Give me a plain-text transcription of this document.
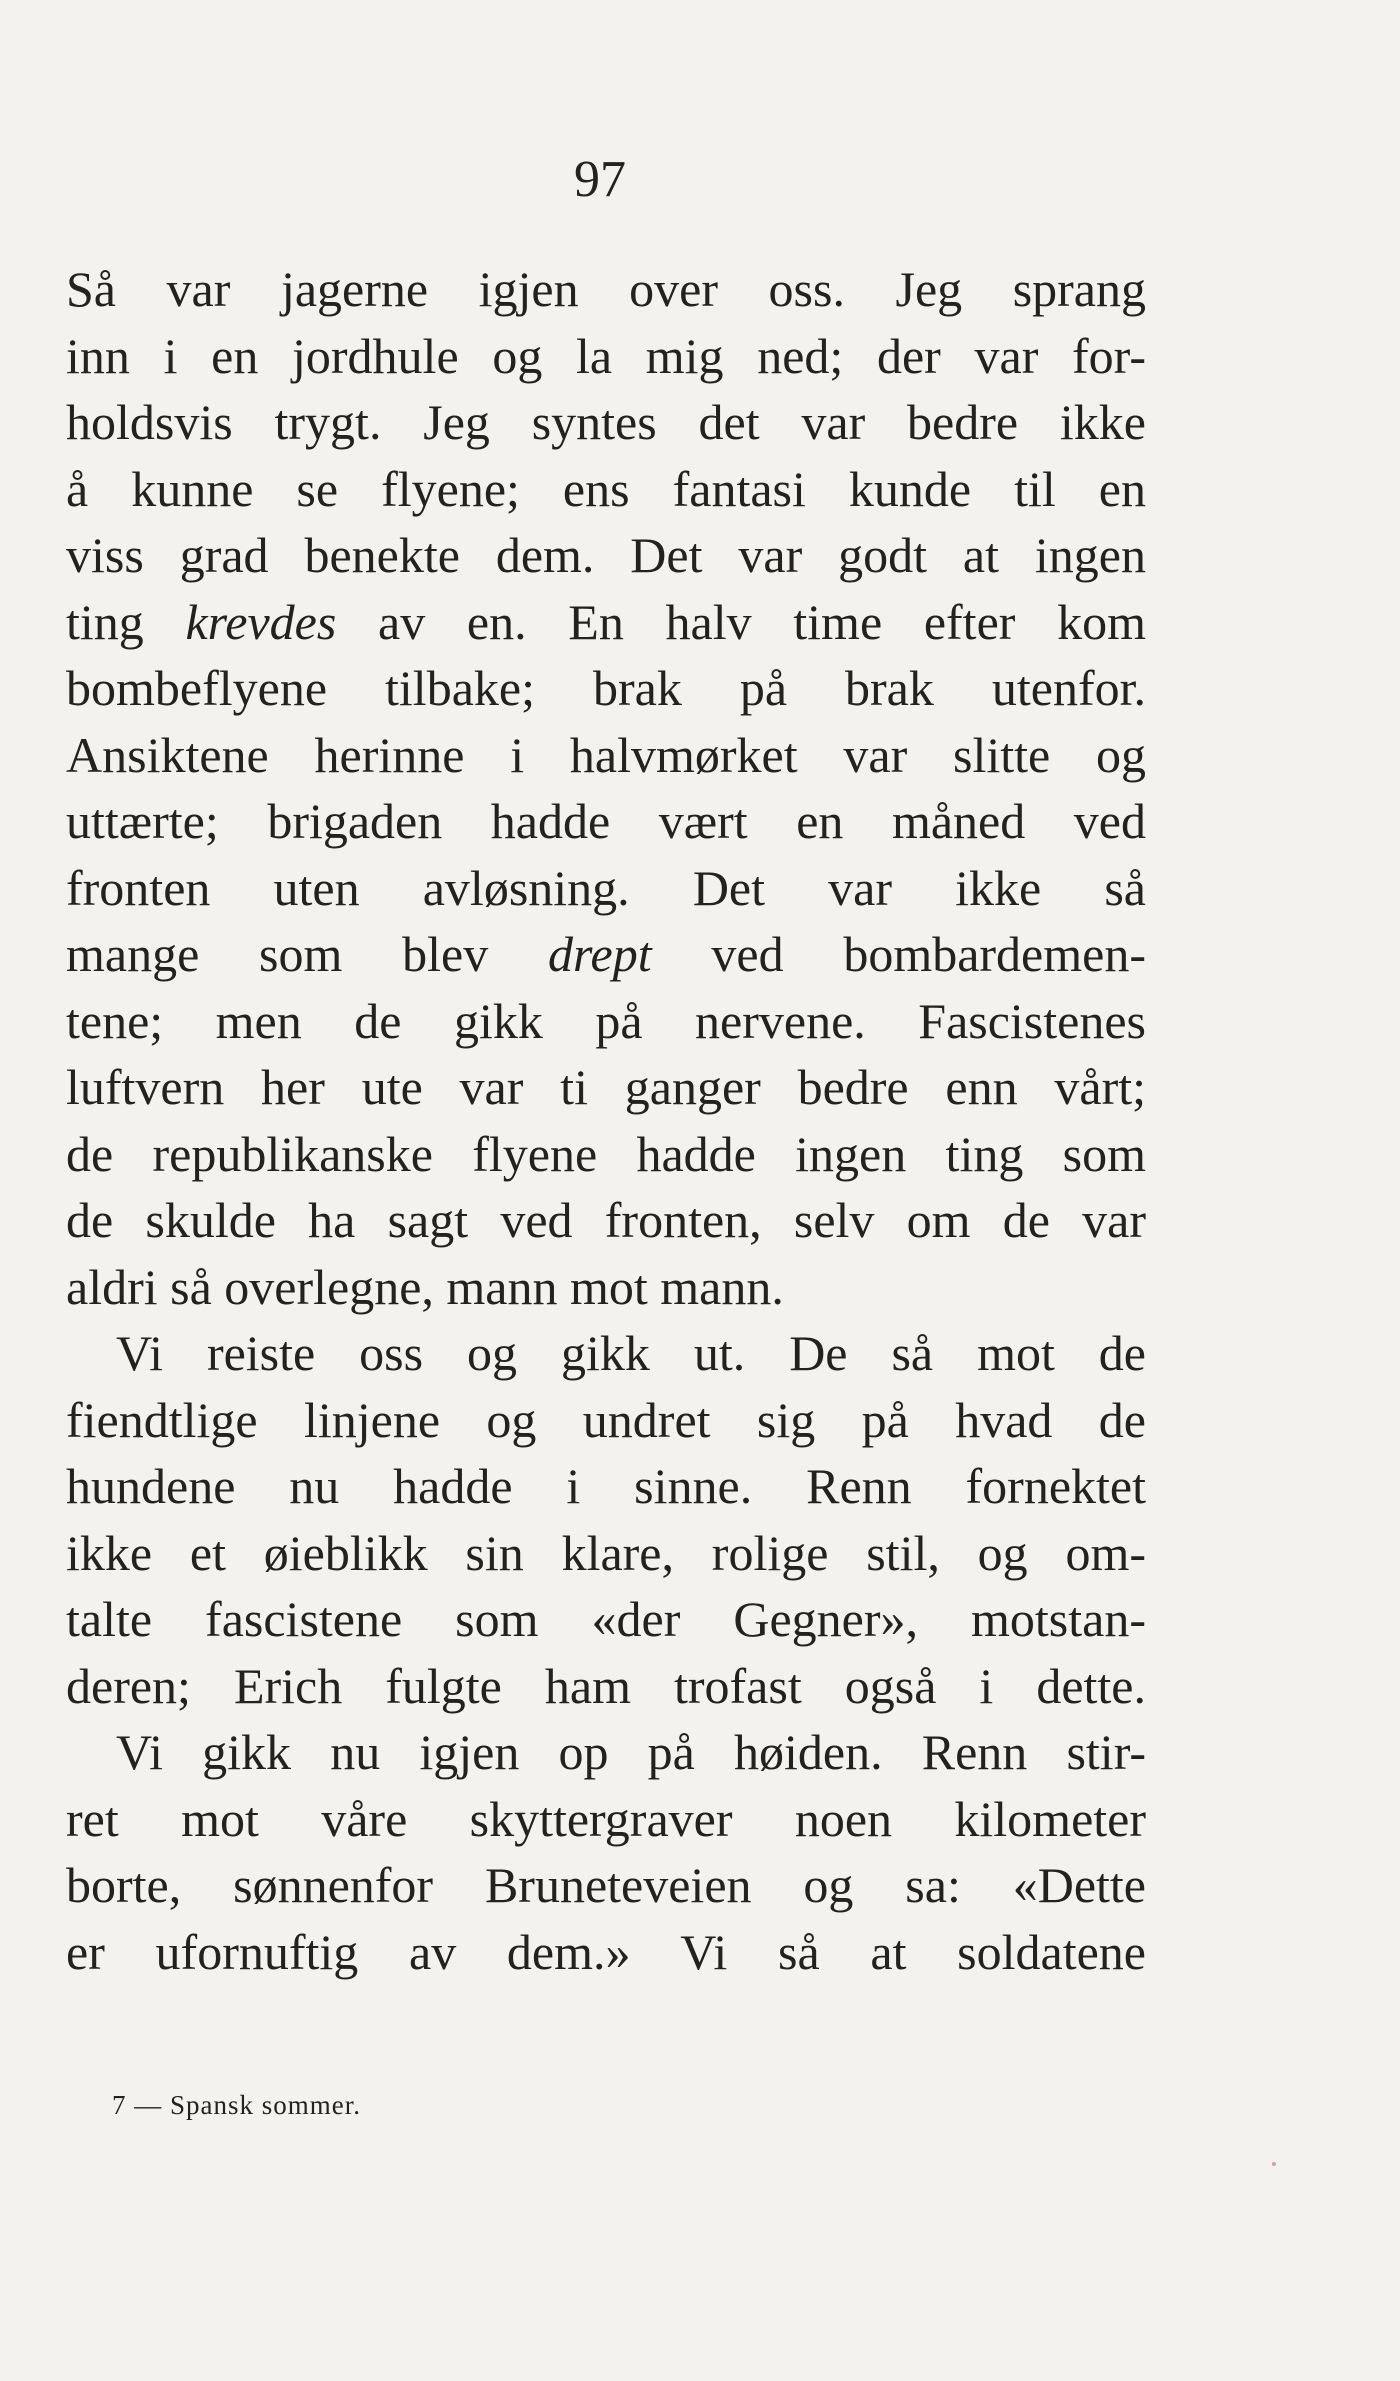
97
Så var jagerne igjen over oss. Jeg sprang
inn i en jordhule og la mig ned; der var for-
holdsvis trygt. Jeg syntes det var bedre ikke
å kunne se flyene; ens fantasi kunde til en
viss grad benekte dem. Det var godt at ingen
ting krevdes av en. En halv time efter kom
bombeflyene tilbake; brak på brak utenfor.
Ansiktene herinne i halvmørket var slitte og
uttærte; brigaden hadde vært en måned ved
fronten uten avløsning. Det var ikke så
mange som blev drept ved bombardemen-
tene; men de gikk på nervene. Fascistenes
luftvern her ute var ti ganger bedre enn vårt;
de republikanske flyene hadde ingen ting som
de skulde ha sagt ved fronten, selv om de var
aldri så overlegne, mann mot mann.
Vi reiste oss og gikk ut. De så mot de
fiendtlige linjene og undret sig på hvad de
hundene nu hadde i sinne. Renn fornektet
ikke et øieblikk sin klare, rolige stil, og om-
talte fascistene som «der Gegner», motstan-
deren; Erich fulgte ham trofast også i dette.
Vi gikk nu igjen op på høiden. Renn stir-
ret mot våre skyttergraver noen kilometer
borte, sønnenfor Bruneteveien og sa: «Dette
er ufornuftig av dem.» Vi så at soldatene
7 — Spansk sommer.
